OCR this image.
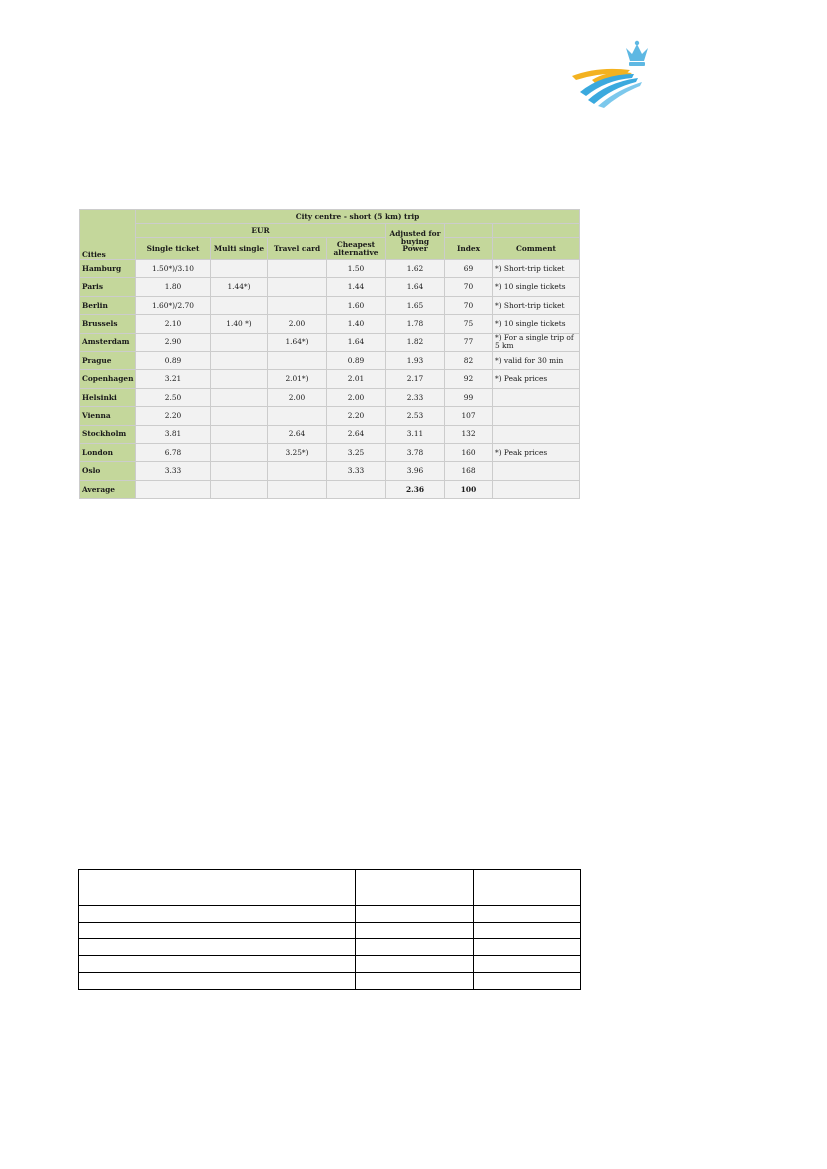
Cities	City centre - short (5 km) trip						
	EUR				Adjusted for buying Power		
	Single ticket	Multi single	Travel card	Cheapest alternative		Index	Comment
Hamburg	1.50*)/3.10			1.50	1.62	69	*) Short-trip ticket
Paris	1.80	1.44*)		1.44	1.64	70	*) 10 single tickets
Berlin	1.60*)/2.70			1.60	1.65	70	*) Short-trip ticket
Brussels	2.10	1.40 *)	2.00	1.40	1.78	75	*) 10 single tickets
Amsterdam	2.90		1.64*)	1.64	1.82	77	*) For a single trip of 5 km
Prague	0.89			0.89	1.93	82	*) valid for 30 min
Copenhagen	3.21		2.01*)	2.01	2.17	92	*) Peak prices
Helsinki	2.50		2.00	2.00	2.33	99	
Vienna	2.20			2.20	2.53	107	
Stockholm	3.81		2.64	2.64	3.11	132	
London	6.78		3.25*)	3.25	3.78	160	*) Peak prices
Oslo	3.33			3.33	3.96	168	
Average					2.36	100	
